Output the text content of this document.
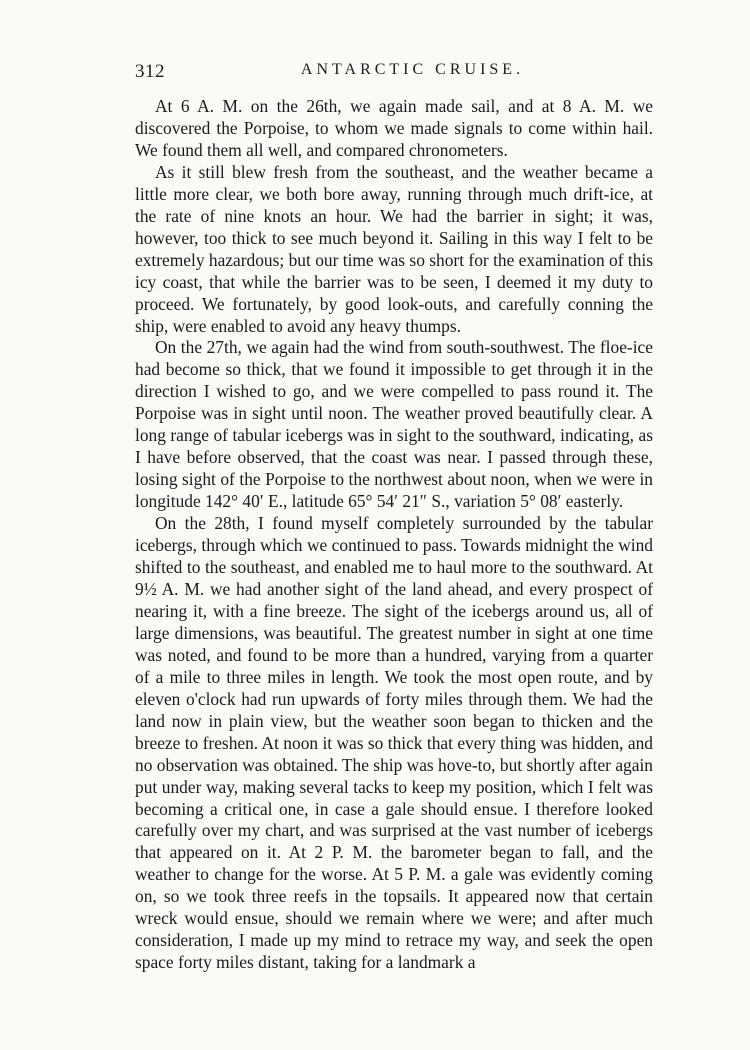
312	ANTARCTIC CRUISE.

At 6 A. M. on the 26th, we again made sail, and at 8 A. M. we discovered the Porpoise, to whom we made signals to come within hail. We found them all well, and compared chronometers.

As it still blew fresh from the southeast, and the weather became a little more clear, we both bore away, running through much drift-ice, at the rate of nine knots an hour. We had the barrier in sight; it was, however, too thick to see much beyond it. Sailing in this way I felt to be extremely hazardous; but our time was so short for the examination of this icy coast, that while the barrier was to be seen, I deemed it my duty to proceed. We fortunately, by good look-outs, and carefully conning the ship, were enabled to avoid any heavy thumps.

On the 27th, we again had the wind from south-southwest. The floe-ice had become so thick, that we found it impossible to get through it in the direction I wished to go, and we were compelled to pass round it. The Porpoise was in sight until noon. The weather proved beautifully clear. A long range of tabular icebergs was in sight to the southward, indicating, as I have before observed, that the coast was near. I passed through these, losing sight of the Porpoise to the northwest about noon, when we were in longitude 142° 40′ E., latitude 65° 54′ 21″ S., variation 5° 08′ easterly.

On the 28th, I found myself completely surrounded by the tabular icebergs, through which we continued to pass. Towards midnight the wind shifted to the southeast, and enabled me to haul more to the southward. At 9½ A. M. we had another sight of the land ahead, and every prospect of nearing it, with a fine breeze. The sight of the icebergs around us, all of large dimensions, was beautiful. The greatest number in sight at one time was noted, and found to be more than a hundred, varying from a quarter of a mile to three miles in length. We took the most open route, and by eleven o'clock had run upwards of forty miles through them. We had the land now in plain view, but the weather soon began to thicken and the breeze to freshen. At noon it was so thick that every thing was hidden, and no observation was obtained. The ship was hove-to, but shortly after again put under way, making several tacks to keep my position, which I felt was becoming a critical one, in case a gale should ensue. I therefore looked carefully over my chart, and was surprised at the vast number of icebergs that appeared on it. At 2 P. M. the barometer began to fall, and the weather to change for the worse. At 5 P. M. a gale was evidently coming on, so we took three reefs in the topsails. It appeared now that certain wreck would ensue, should we remain where we were; and after much consideration, I made up my mind to retrace my way, and seek the open space forty miles distant, taking for a landmark a
